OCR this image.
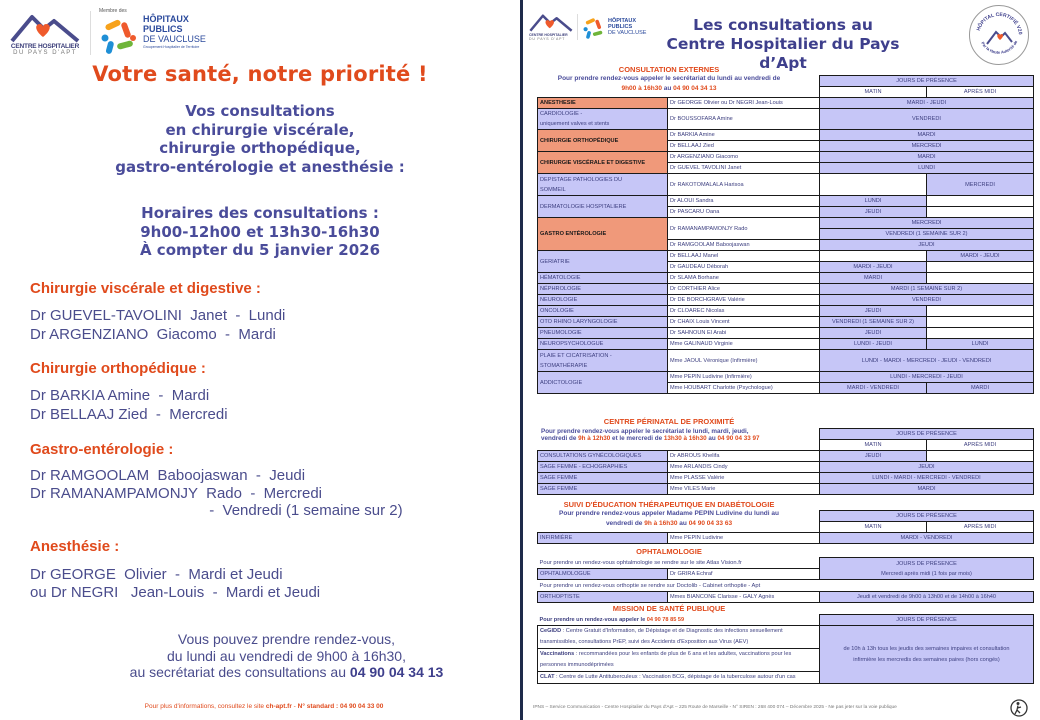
CENTRE HOSPITALIER
DU PAYS D'APT
Membre des
HÔPITAUX
PUBLICS
DE VAUCLUSE
Groupement Hospitalier de Territoire
Votre santé, notre priorité !
Vos consultations
en chirurgie viscérale,
chirurgie orthopédique,
gastro-entérologie et anesthésie :
Horaires des consultations :
9h00-12h00 et 13h30-16h30
À compter du 5 janvier 2026
Chirurgie viscérale et digestive :
Dr GUEVEL-TAVOLINI  Janet  -  Lundi
Dr ARGENZIANO  Giacomo  -  Mardi
Chirurgie orthopédique :
Dr BARKIA Amine  -  Mardi
Dr BELLAAJ Zied  -  Mercredi
Gastro-entérologie :
Dr RAMGOOLAM  Baboojaswan  -  Jeudi
Dr RAMANAMPAMONJY  Rado  -  Mercredi
-  Vendredi (1 semaine sur 2)
Anesthésie :
Dr GEORGE  Olivier  -  Mardi et Jeudi
ou Dr NEGRI   Jean-Louis  -  Mardi et Jeudi
Vous pouvez prendre rendez-vous,
du lundi au vendredi de 9h00 à 16h30,
au secrétariat des consultations au 04 90 04 34 13
Pour plus d'informations, consultez le site ch-apt.fr - N° standard : 04 90 04 33 00
CENTRE HOSPITALIER
DU PAYS D'APT
HÔPITAUX
PUBLICS
DE VAUCLUSE	Les consultations au
Centre Hospitalier du Pays d’Apt
HÔPITAL CERTIFIÉ V20
Par la Haute Autorité de
CONSULTATION EXTERNES
Pour prendre rendez-vous appeler le secrétariat du lundi au vendredi de
9h00 à 16h30 au 04 90 04 34 13
		JOURS DE PRÉSENCE	
		MATIN	APRÈS MIDI
ANESTHESIE	Dr GEORGE Olivier ou Dr NEGRI Jean-Louis	MARDI - JEUDI	
CARDIOLOGIE -
uniquement valves et stents	Dr BOUSSOFARA Amine	VENDREDI	
CHIRURGIE ORTHOPÉDIQUE	Dr BARKIA Amine	MARDI	
	Dr BELLAAJ Zied	MERCREDI	
CHIRURGIE VISCÉRALE ET DIGESTIVE	Dr ARGENZIANO Giacomo	MARDI	
	Dr GUEVEL TAVOLINI Janet	LUNDI	
DEPISTAGE PATHOLOGIES DU
SOMMEIL	Dr RAKOTOMALALA Harisoa		MERCREDI
DERMATOLOGIE HOSPITALIERE	Dr ALOUI Sandra	LUNDI	
	Dr PASCARU Oana	JEUDI	
GASTRO ENTÉROLOGIE	Dr RAMANAMPAMONJY Rado	MERCREDI	
		VENDREDI (1 SEMAINE SUR 2)	
	Dr RAMGOOLAM Baboojaswan	JEUDI	
GERIATRIE	Dr BELLAAJ Manel		MARDI - JEUDI
	Dr GAUDEAU Déborah	MARDI - JEUDI	
HÉMATOLOGIE	Dr SLAMA Borhane	MARDI	
NÉPHROLOGIE	Dr CORTHIER Alice	MARDI (1 SEMAINE SUR 2)	
NEUROLOGIE	Dr DE BORCHGRAVE Valérie	VENDREDI	
ONCOLOGIE	Dr CLOAREC Nicolas	JEUDI	
OTO RHINO LARYNGOLOGIE	Dr CHAIX Louis Vincent	VENDREDI (1 SEMAINE SUR 2)	
PNEUMOLOGIE	Dr SAHNOUN El Arabi	JEUDI	
NEUROPSYCHOLOGUE	Mme GALINAUD Virginie	LUNDI - JEUDI	LUNDI
PLAIE ET CICATRISATION -
STOMATHÉRAPIE	Mme JAOUL Véronique (Infirmière)	LUNDI - MARDI - MERCREDI - JEUDI - VENDREDI	
ADDICTOLOGIE	Mme PEPIN Ludivine (Infirmière)	LUNDI - MERCREDI - JEUDI	
	Mme HOUBART Charlotte (Psychologue)	MARDI - VENDREDI	MARDI
CENTRE PÉRINATAL DE PROXIMITÉ
Pour prendre rendez-vous appeler le secrétariat le lundi, mardi, jeudi,
vendredi de 9h à 12h30 et le mercredi de 13h30 à 16h30 au 04 90 04 33 97
		JOURS DE PRÉSENCE	
		MATIN	APRÈS MIDI
CONSULTATIONS GYNÉCOLOGIQUES	Dr ABROUS Khelifa	JEUDI	
SAGE FEMME - ECHOGRAPHIES	Mme ARLANDIS Cindy	JEUDI	
SAGE FEMME	Mme PLASSE Valérie	LUNDI - MARDI - MERCREDI - VENDREDI	
SAGE FEMME	Mme VILES Marie	MARDI	
SUIVI D'ÉDUCATION THÉRAPEUTIQUE EN DIABÉTOLOGIE
Pour prendre rendez-vous appeler Madame PEPIN Ludivine du lundi au
vendredi de 9h à 16h30 au 04 90 04 33 63
		JOURS DE PRÉSENCE	
		MATIN	APRÈS MIDI
INFIRMIÈRE	Mme PEPIN Ludivine	MARDI - VENDREDI	
OPHTALMOLOGIE
Pour prendre un rendez-vous ophtalmologie se rendre sur le site Atlas Vision.fr		JOURS DE PRÉSENCE
Mercredi après midi (1 fois par mois)
OPHTALMOLOGUE	Dr GRIRA Echraf	
Pour prendre un rendez-vous orthoptie se rendre sur Doctolib - Cabinet orthoptie - Apt		
ORTHOPTISTE	Mmes BIANCONE Clarisse - GALY Agnès	Jeudi et vendredi de 9h00 à 13h00 et de 14h00 à 16h40
MISSION DE SANTÉ PUBLIQUE
Pour prendre un rendez-vous appeler le 04 90 78 85 59	JOURS DE PRÉSENCE
CeGIDD : Centre Gratuit d'Information, de Dépistage et de Diagnostic des infections sexuellement transmissibles, consultations PrEP, suivi des Accidents d'Exposition aux Virus (AEV)	de 10h à 13h tous les jeudis des semaines impaires et consultation infirmière les mercredis des semaines paires (hors congés)
Vaccinations : recommandées pour les enfants de plus de 6 ans et les adultes, vaccinations pour les personnes immunodéprimées	
CLAT : Centre de Lutte Antituberculeux : Vaccination BCG, dépistage de la tuberculose autour d'un cas	
IPNS – Service Communication - Centre Hospitalier du Pays d'Apt – 225 Route de Marseille - N° SIREN : 268 400 074 – Décembre 2025 - Ne pas jeter sur la voie publique
